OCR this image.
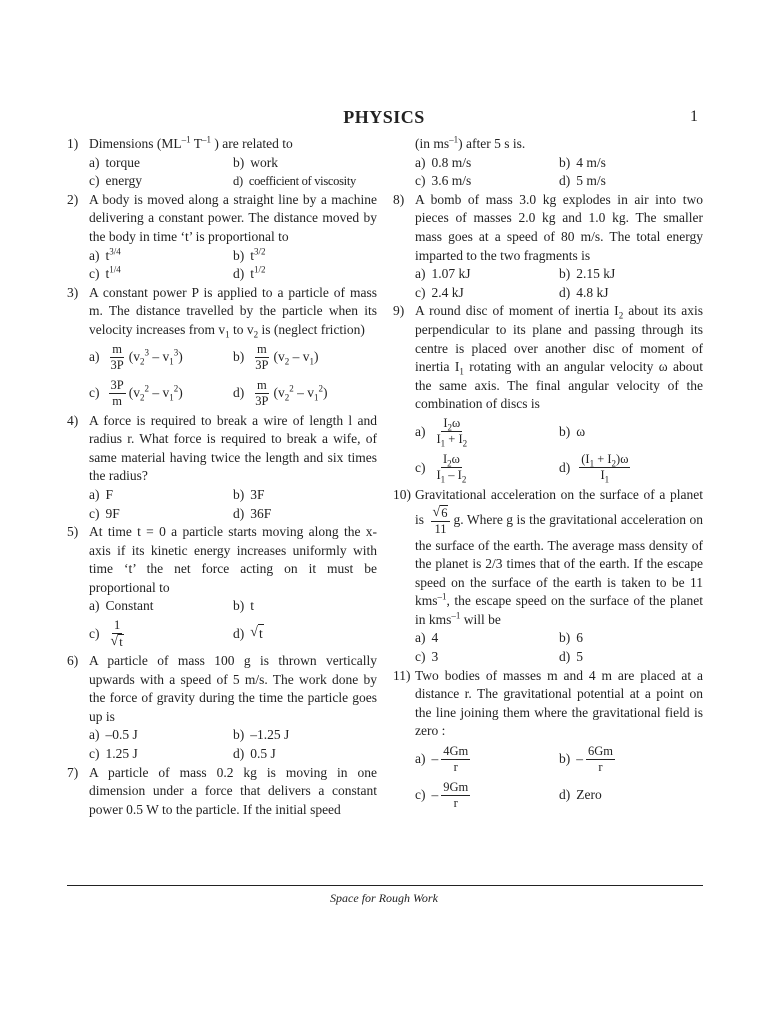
PHYSICS	1
1) Dimensions ($ML^{-1}$ $T^{-1}$ ) are related to
a) torque	b) work
c) energy	d) coefficient of viscosity
2) A body is moved along a straight line by a machine delivering a constant power. The distance moved by the body in time ‘t’ is proportional to
a) $t^{3/4}$	b) $t^{3/2}$
c) $t^{1/4}$	d) $t^{1/2}$
3) A constant power P is applied to a particle of mass m. The distance travelled by the particle when its velocity increases from $v_1$ to $v_2$ is (neglect friction)
$a) \frac{m}{3P} (v_2^3 - v_1^3)$	$b) \frac{m}{3P} (v_2 - v_1)$
$c) \frac{3P}{m} (v_2^2 - v_1^2)$	$d) \frac{m}{3P} (v_2^2 - v_1^2)$
4) A force is required to break a wire of length l and radius r. What force is required to break a wife, of same material having twice the length and six times the radius?
a) F	b) 3F
c) 9F	d) 36F
5) At time t = 0 a particle starts moving along the x-axis if its kinetic energy increases uniformly with time ‘t’ the net force acting on it must be proportional to
a) Constant	b) t
$c) \frac{1}{√ t}$	d) √ t
6) A particle of mass 100 g is thrown vertically upwards with a speed of 5 m/s. The work done by the force of gravity during the time the particle goes up is
a) –0.5 J	b) –1.25 J
c) 1.25 J	d) 0.5 J
7) A particle of mass 0.2 kg is moving in one dimension under a force that delivers a constant power 0.5 W to the particle. If the initial speed
(in $ms^{-1}$) after 5 s is.
a) 0.8 m/s	b) 4 m/s
c) 3.6 m/s	d) 5 m/s
8) A bomb of mass 3.0 kg explodes in air into two pieces of masses 2.0 kg and 1.0 kg. The smaller mass goes at a speed of 80 m/s. The total energy imparted to the two fragments is
a) 1.07 kJ	b) 2.15 kJ
c) 2.4 kJ	d) 4.8 kJ
9) A round disc of moment of inertia $I_2$ about its axis perpendicular to its plane and passing through its centre is placed over another disc of moment of inertia $I_1$ rotating with an angular velocity ω about the same axis. The final angular velocity of the combination of discs is
$a) \frac{I_2\omega}{I_1 + I_2}$	b) ω
$c) \frac{I_2\omega}{I_1 - I_2}$	$d) \frac{(I_1 + I_2)\omega}{I_1}$
10) Gravitational acceleration on the surface of a planet is $\frac{√ 6}{11} g$. Where g is the gravitational acceleration on the surface of the earth. The average mass density of the planet is 2/3 times that of the earth. If the escape speed on the surface of the earth is taken to be 11 kms$^{-1}$, the escape speed on the surface of the planet in kms$^{-1}$ will be
a) 4	b) 6
c) 3	d) 5
11) Two bodies of masses m and 4 m are placed at a distance r. The gravitational potential at a point on the line joining them where the gravitational field is zero :
$a) - \frac{4Gm}{r}$	$b) - \frac{6Gm}{r}$
$c) - \frac{9Gm}{r}$	d) Zero
Space for Rough Work
